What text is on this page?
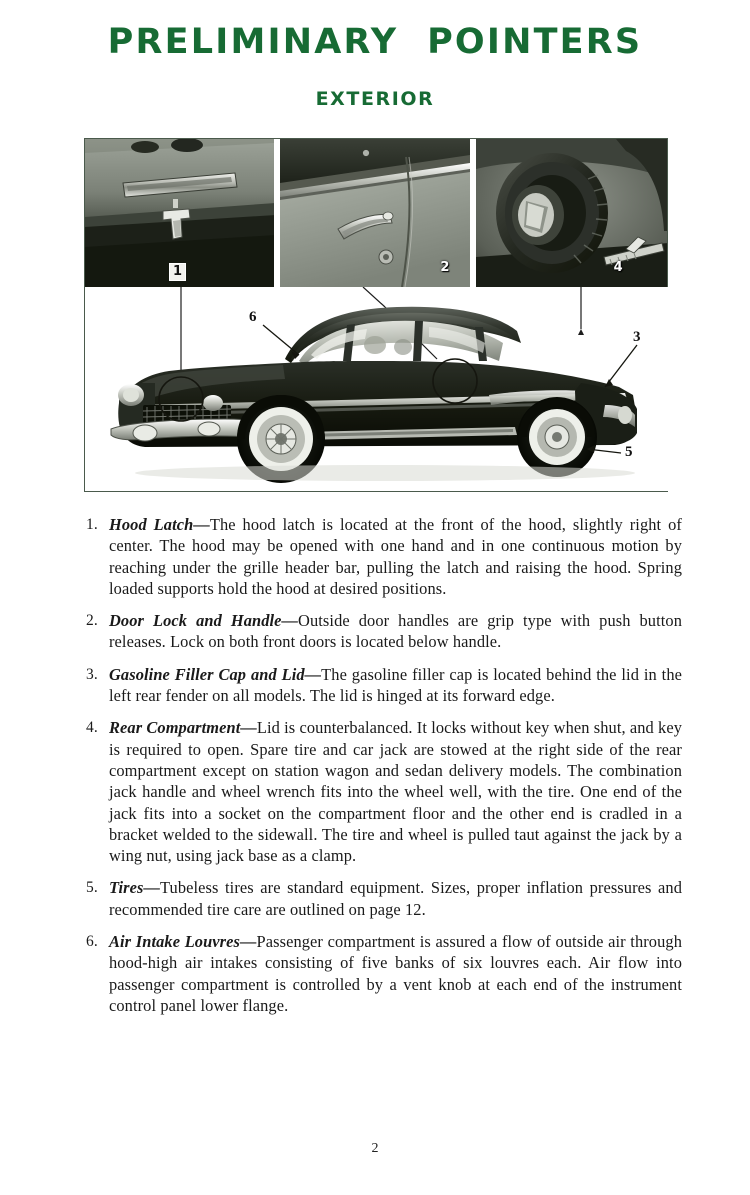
PRELIMINARY  POINTERS
EXTERIOR
1	2	4
6
3
5
1. Hood Latch—The hood latch is located at the front of the hood, slightly right of center. The hood may be opened with one hand and in one continuous motion by reaching under the grille header bar, pulling the latch and raising the hood. Spring loaded supports hold the hood at desired positions.
2. Door Lock and Handle—Outside door handles are grip type with push button releases. Lock on both front doors is located below handle.
3. Gasoline Filler Cap and Lid—The gasoline filler cap is located behind the lid in the left rear fender on all models. The lid is hinged at its forward edge.
4. Rear Compartment—Lid is counterbalanced. It locks without key when shut, and key is required to open. Spare tire and car jack are stowed at the right side of the rear compartment except on station wagon and sedan delivery models. The combination jack handle and wheel wrench fits into the wheel well, with the tire. One end of the jack fits into a socket on the compartment floor and the other end is cradled in a bracket welded to the sidewall. The tire and wheel is pulled taut against the jack by a wing nut, using jack base as a clamp.
5. Tires—Tubeless tires are standard equipment. Sizes, proper inflation pressures and recommended tire care are outlined on page 12.
6. Air Intake Louvres—Passenger compartment is assured a flow of outside air through hood-high air intakes consisting of five banks of six louvres each. Air flow into passenger compartment is controlled by a vent knob at each end of the instrument control panel lower flange.
2
